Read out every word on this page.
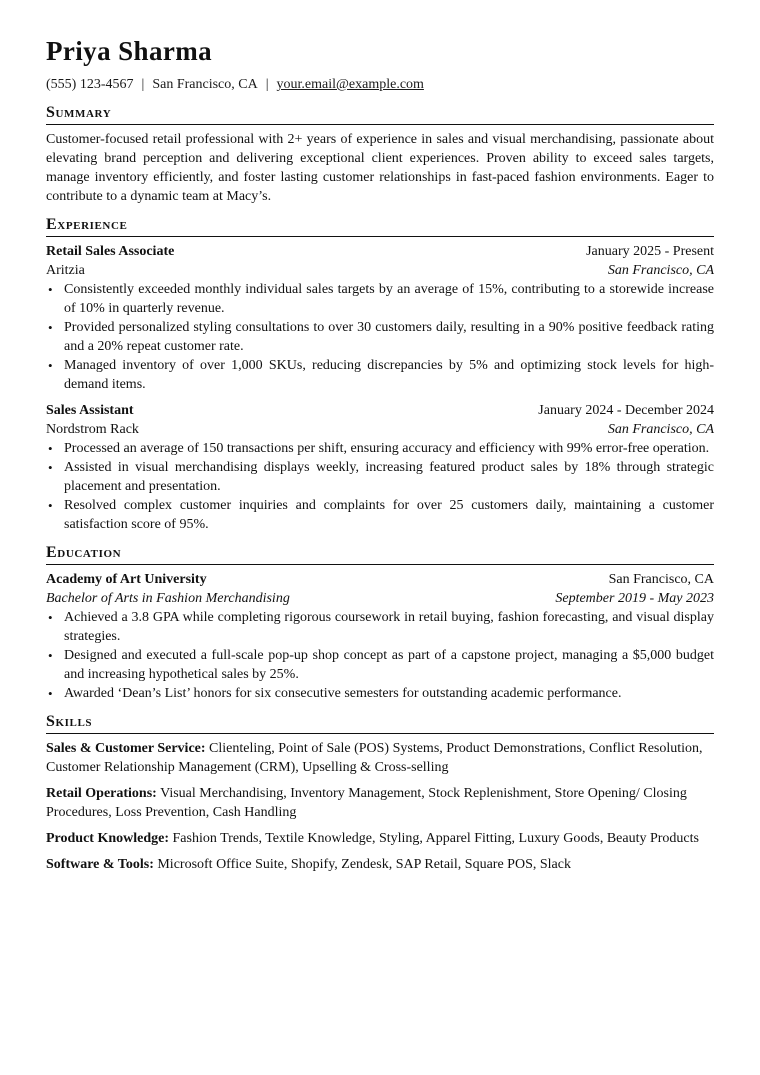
Priya Sharma
(555) 123-4567 | San Francisco, CA | your.email@example.com
Summary
Customer-focused retail professional with 2+ years of experience in sales and visual merchandising, passionate about elevating brand perception and delivering exceptional client experiences. Proven ability to exceed sales targets, manage inventory efficiently, and foster lasting customer relationships in fast-paced fashion environments. Eager to contribute to a dynamic team at Macy’s.
Experience
Retail Sales Associate	January 2025 - Present
Aritzia	San Francisco, CA
• Consistently exceeded monthly individual sales targets by an average of 15%, contributing to a storewide increase of 10% in quarterly revenue.
• Provided personalized styling consultations to over 30 customers daily, resulting in a 90% positive feedback rating and a 20% repeat customer rate.
• Managed inventory of over 1,000 SKUs, reducing discrepancies by 5% and optimizing stock levels for high-demand items.
Sales Assistant	January 2024 - December 2024
Nordstrom Rack	San Francisco, CA
• Processed an average of 150 transactions per shift, ensuring accuracy and efficiency with 99% error-free operation.
• Assisted in visual merchandising displays weekly, increasing featured product sales by 18% through strategic placement and presentation.
• Resolved complex customer inquiries and complaints for over 25 customers daily, maintaining a customer satisfaction score of 95%.
Education
Academy of Art University	San Francisco, CA
Bachelor of Arts in Fashion Merchandising	September 2019 - May 2023
• Achieved a 3.8 GPA while completing rigorous coursework in retail buying, fashion forecasting, and visual display strategies.
• Designed and executed a full-scale pop-up shop concept as part of a capstone project, managing a $5,000 budget and increasing hypothetical sales by 25%.
• Awarded ‘Dean’s List’ honors for six consecutive semesters for outstanding academic performance.
Skills
Sales & Customer Service: Clienteling, Point of Sale (POS) Systems, Product Demonstrations, Conflict Resolution, Customer Relationship Management (CRM), Upselling & Cross-selling
Retail Operations: Visual Merchandising, Inventory Management, Stock Replenishment, Store Opening/ Closing Procedures, Loss Prevention, Cash Handling
Product Knowledge: Fashion Trends, Textile Knowledge, Styling, Apparel Fitting, Luxury Goods, Beauty Products
Software & Tools: Microsoft Office Suite, Shopify, Zendesk, SAP Retail, Square POS, Slack
